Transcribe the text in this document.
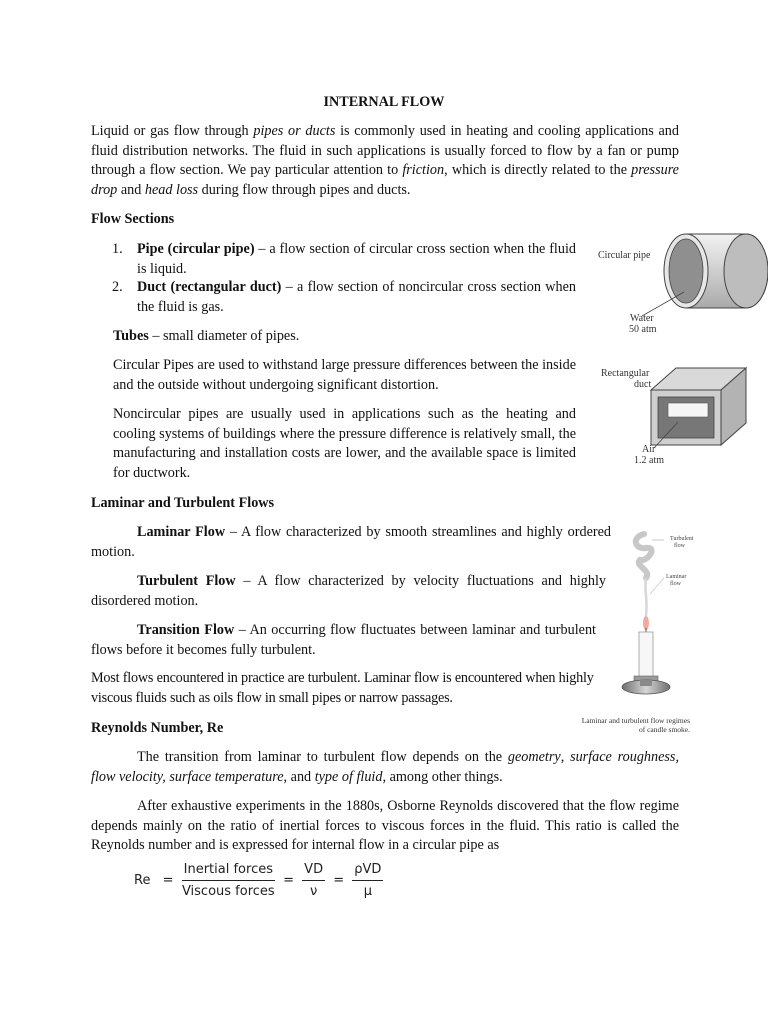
INTERNAL FLOW
Liquid or gas flow through pipes or ducts is commonly used in heating and cooling applications and fluid distribution networks. The fluid in such applications is usually forced to flow by a fan or pump through a flow section. We pay particular attention to friction, which is directly related to the pressure drop and head loss during flow through pipes and ducts.
Flow Sections
1. Pipe (circular pipe) – a flow section of circular cross section when the fluid is liquid.
2. Duct (rectangular duct) – a flow section of noncircular cross section when the fluid is gas.
Tubes – small diameter of pipes.
Circular Pipes are used to withstand large pressure differences between the inside and the outside without undergoing significant distortion.
Noncircular pipes are usually used in applications such as the heating and cooling systems of buildings where the pressure difference is relatively small, the manufacturing and installation costs are lower, and the available space is limited for ductwork.
Circular pipe
Water
50 atm
Rectangular
duct
Air
1.2 atm
Laminar and Turbulent Flows
Laminar Flow – A flow characterized by smooth streamlines and highly ordered motion.
Turbulent Flow – A flow characterized by velocity fluctuations and highly disordered motion.
Transition Flow – An occurring flow fluctuates between laminar and turbulent flows before it becomes fully turbulent.
Most flows encountered in practice are turbulent. Laminar flow is encountered when highly viscous fluids such as oils flow in small pipes or narrow passages.
Turbulent
flow
Laminar
flow
Laminar and turbulent flow regimes
of candle smoke.
Reynolds Number, Re
The transition from laminar to turbulent flow depends on the geometry, surface roughness, flow velocity, surface temperature, and type of fluid, among other things.
After exhaustive experiments in the 1880s, Osborne Reynolds discovered that the flow regime depends mainly on the ratio of inertial forces to viscous forces in the fluid. This ratio is called the Reynolds number and is expressed for internal flow in a circular pipe as
$Re = \frac{\text{Inertial forces}}{\text{Viscous forces}} = \frac{VD}{\nu} = \frac{\text{ρVD}}{\mu}$
